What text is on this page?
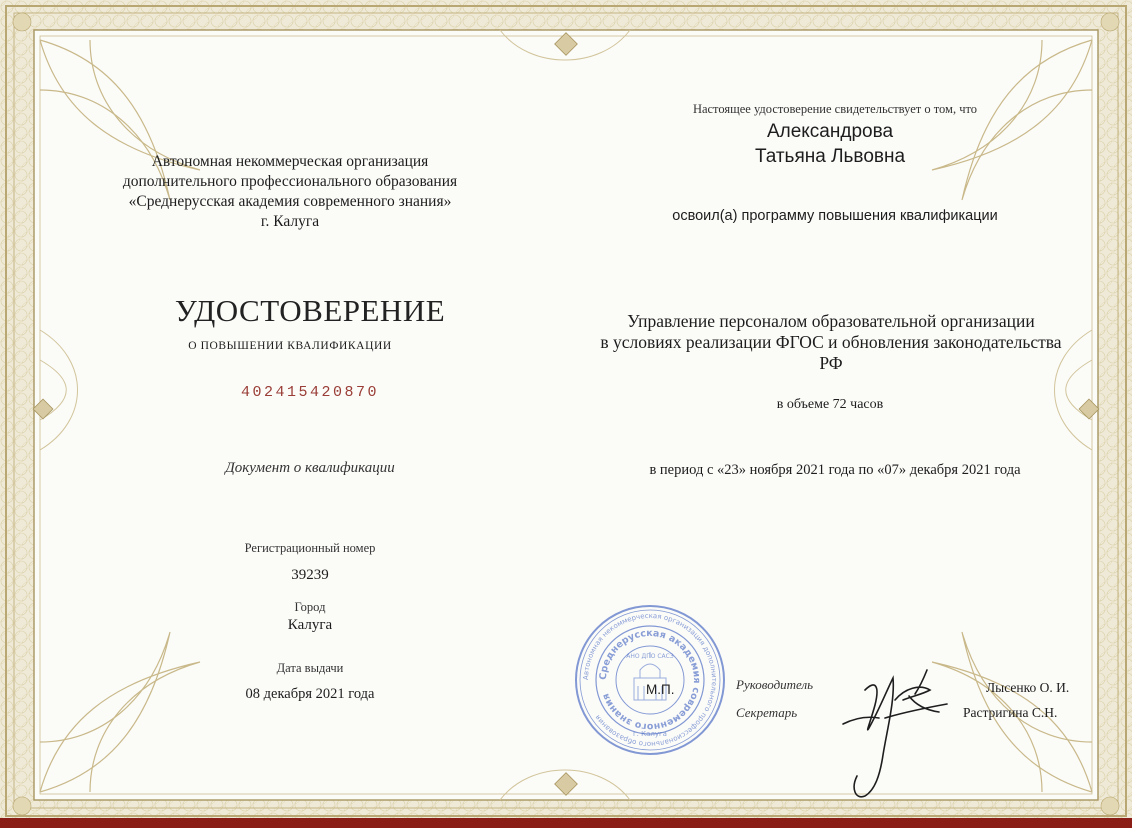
Автономная некоммерческая организация
дополнительного профессионального образования
«Среднерусская академия современного знания»
г. Калуга
УДОСТОВЕРЕНИЕ
О ПОВЫШЕНИИ КВАЛИФИКАЦИИ
402415420870
Документ о квалификации
Регистрационный номер
39239
Город
Калуга
Дата выдачи
08 декабря 2021 года
Настоящее удостоверение свидетельствует о том, что
Александрова
Татьяна Львовна
освоил(а) программу повышения квалификации
Управление персоналом образовательной организации
в условиях реализации ФГОС и обновления законодательства
РФ
в объеме 72 часов
в период с «23» ноября 2021 года по «07» декабря 2021 года
Автономная некоммерческая организация дополнительного профессионального образования
Среднерусская академия современного знания
АНО ДПО САСЗ
г. Калуга
М.П.	Руководитель
Секретарь
Лысенко О. И.
Растригина С.Н.
